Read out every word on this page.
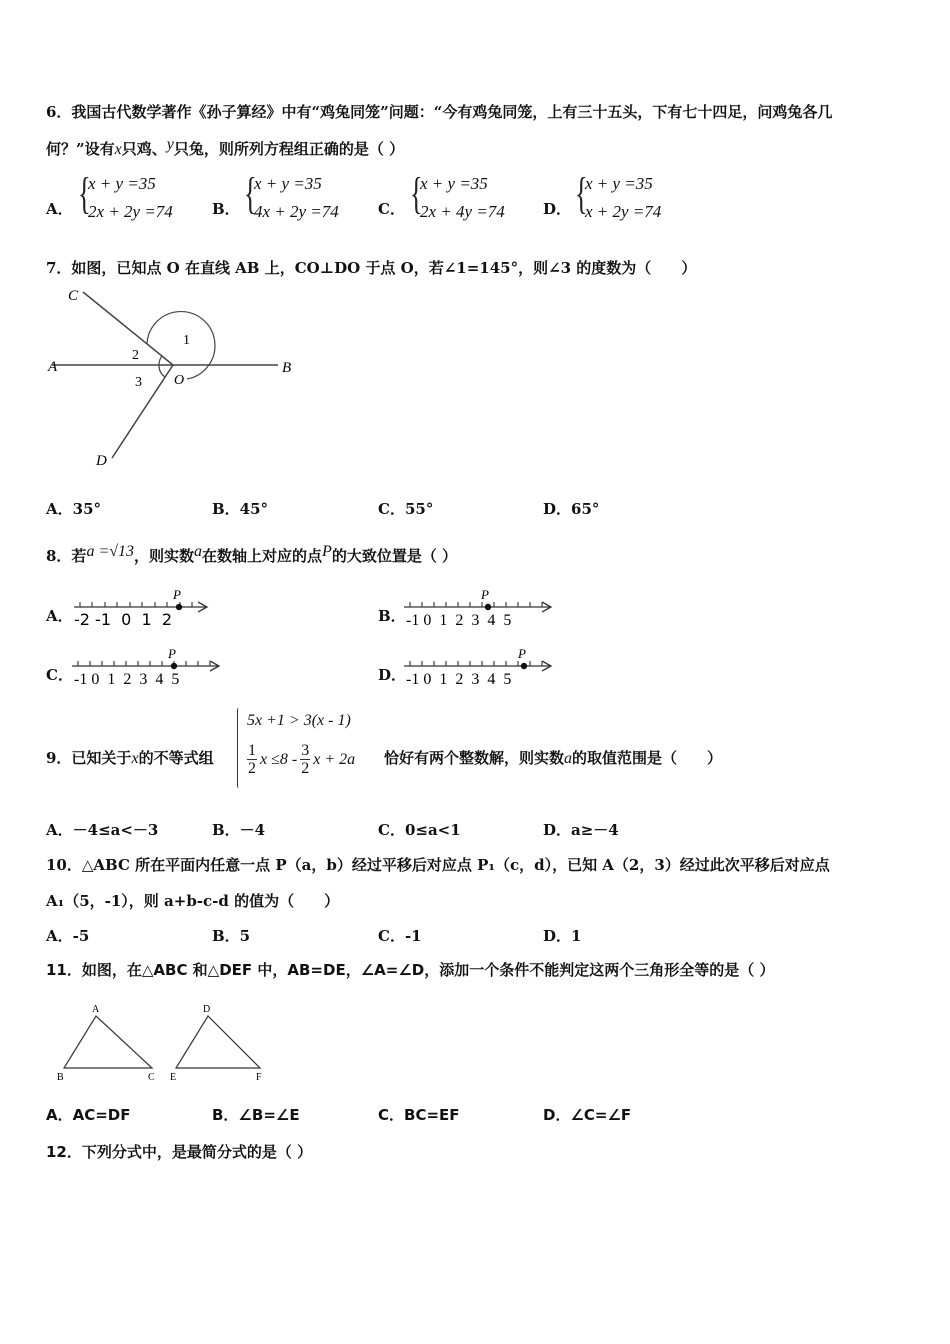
6．我国古代数学著作《孙子算经》中有“鸡兔同笼”问题：“今有鸡兔同笼，上有三十五头，下有七十四足，问鸡兔各几
何？”设有x只鸡、y只兔，则所列方程组正确的是（ ）
A． {
x + y =35
2x + 2y =74	B． {
x + y =35
4x + 2y =74	C． {
x + y =35
2x + 4y =74	D． {
x + y =35
x + 2y =74
7．如图，已知点 O 在直线 AB 上，CO⊥DO 于点 O，若∠1=145°，则∠3 的度数为（　　）
C
A	B
D
O
1
2
3
A．35°	B．45°	C．55°	D．65°
8．若a =√13，则实数a在数轴上对应的点P的大致位置是（ ）
A．
P
-2 -1  0  1  2	B．
P
-1 0  1  2  3  4  5
C．
P
-1 0  1  2  3  4  5	D．
P
-1 0  1  2  3  4  5
9．已知关于x的不等式组
5x +1 > 3(x - 1)
$\frac{1}{2}$ $x \le 8 - \frac{3}{2}$ x + 2a 恰好有两个整数解，则实数a的取值范围是（　　）
A．－4≤a<－3	B．－4	C．0≤a<1	D．a≥－4
10．△ABC 所在平面内任意一点 P（a，b）经过平移后对应点 P₁（c，d），已知 A（2，3）经过此次平移后对应点
A₁（5，-1），则 a+b-c-d 的值为（　　）
A．-5	B．5	C．-1	D．1
11．如图，在△ABC 和△DEF 中，AB=DE，∠A=∠D，添加一个条件不能判定这两个三角形全等的是（ ）
A
B	C
D
E	F
A．AC=DF	B．∠B=∠E	C．BC=EF	D．∠C=∠F
12．下列分式中，是最简分式的是（ ）
